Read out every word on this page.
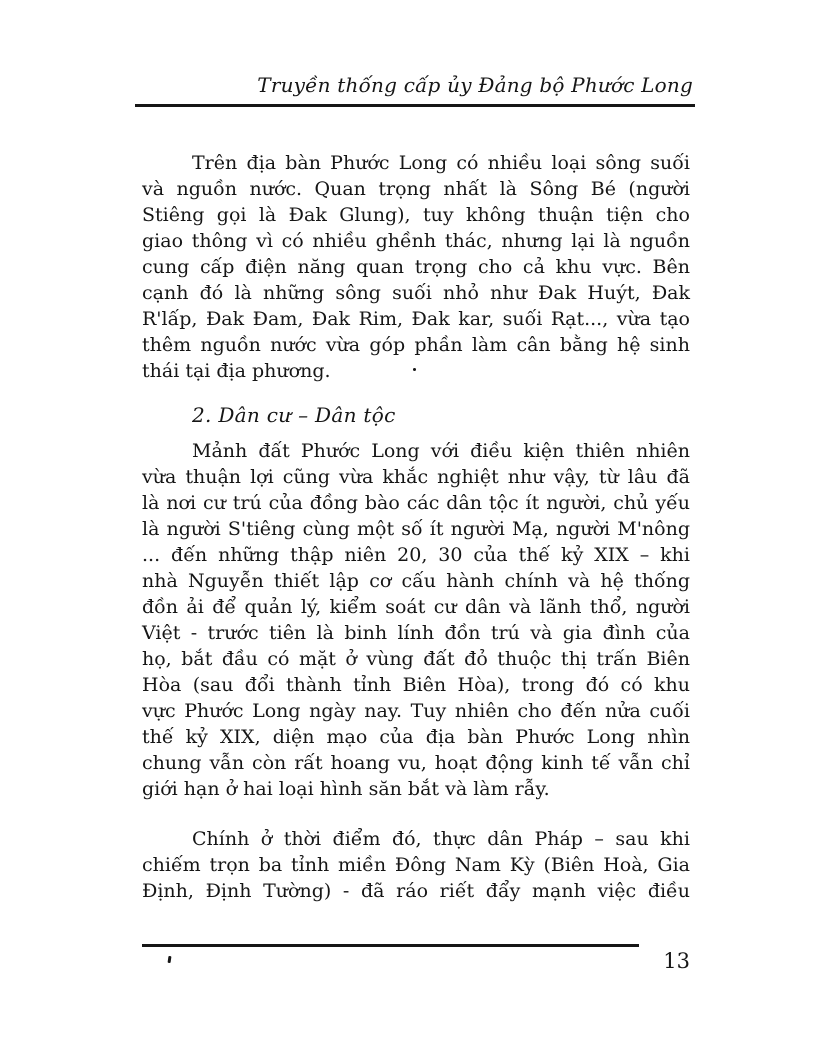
Truyền thống cấp ủy Đảng bộ Phước Long
Trên địa bàn Phước Long có nhiều loại sông suối
và nguồn nước. Quan trọng nhất là Sông Bé (người
Stiêng gọi là Đak Glung), tuy không thuận tiện cho
giao thông vì có nhiều ghềnh thác, nhưng lại là nguồn
cung cấp điện năng quan trọng cho cả khu vực. Bên
cạnh đó là những sông suối nhỏ như Đak Huýt, Đak
R'lấp, Đak Đam, Đak Rim, Đak kar, suối Rạt..., vừa tạo
thêm nguồn nước vừa góp phần làm cân bằng hệ sinh
thái tại địa phương.
2. Dân cư – Dân tộc
Mảnh đất Phước Long với điều kiện thiên nhiên
vừa thuận lợi cũng vừa khắc nghiệt như vậy, từ lâu đã
là nơi cư trú của đồng bào các dân tộc ít người, chủ yếu
là người S'tiêng cùng một số ít người Mạ, người M'nông
... đến những thập niên 20, 30 của thế kỷ XIX – khi
nhà Nguyễn thiết lập cơ cấu hành chính và hệ thống
đồn ải để quản lý, kiểm soát cư dân và lãnh thổ, người
Việt - trước tiên là binh lính đồn trú và gia đình của
họ, bắt đầu có mặt ở vùng đất đỏ thuộc thị trấn Biên
Hòa (sau đổi thành tỉnh Biên Hòa), trong đó có khu
vực Phước Long ngày nay. Tuy nhiên cho đến nửa cuối
thế kỷ XIX, diện mạo của địa bàn Phước Long nhìn
chung vẫn còn rất hoang vu, hoạt động kinh tế vẫn chỉ
giới hạn ở hai loại hình săn bắt và làm rẫy.
Chính ở thời điểm đó, thực dân Pháp – sau khi
chiếm trọn ba tỉnh miền Đông Nam Kỳ (Biên Hoà, Gia
Định, Định Tường) - đã ráo riết đẩy mạnh việc điều
13
